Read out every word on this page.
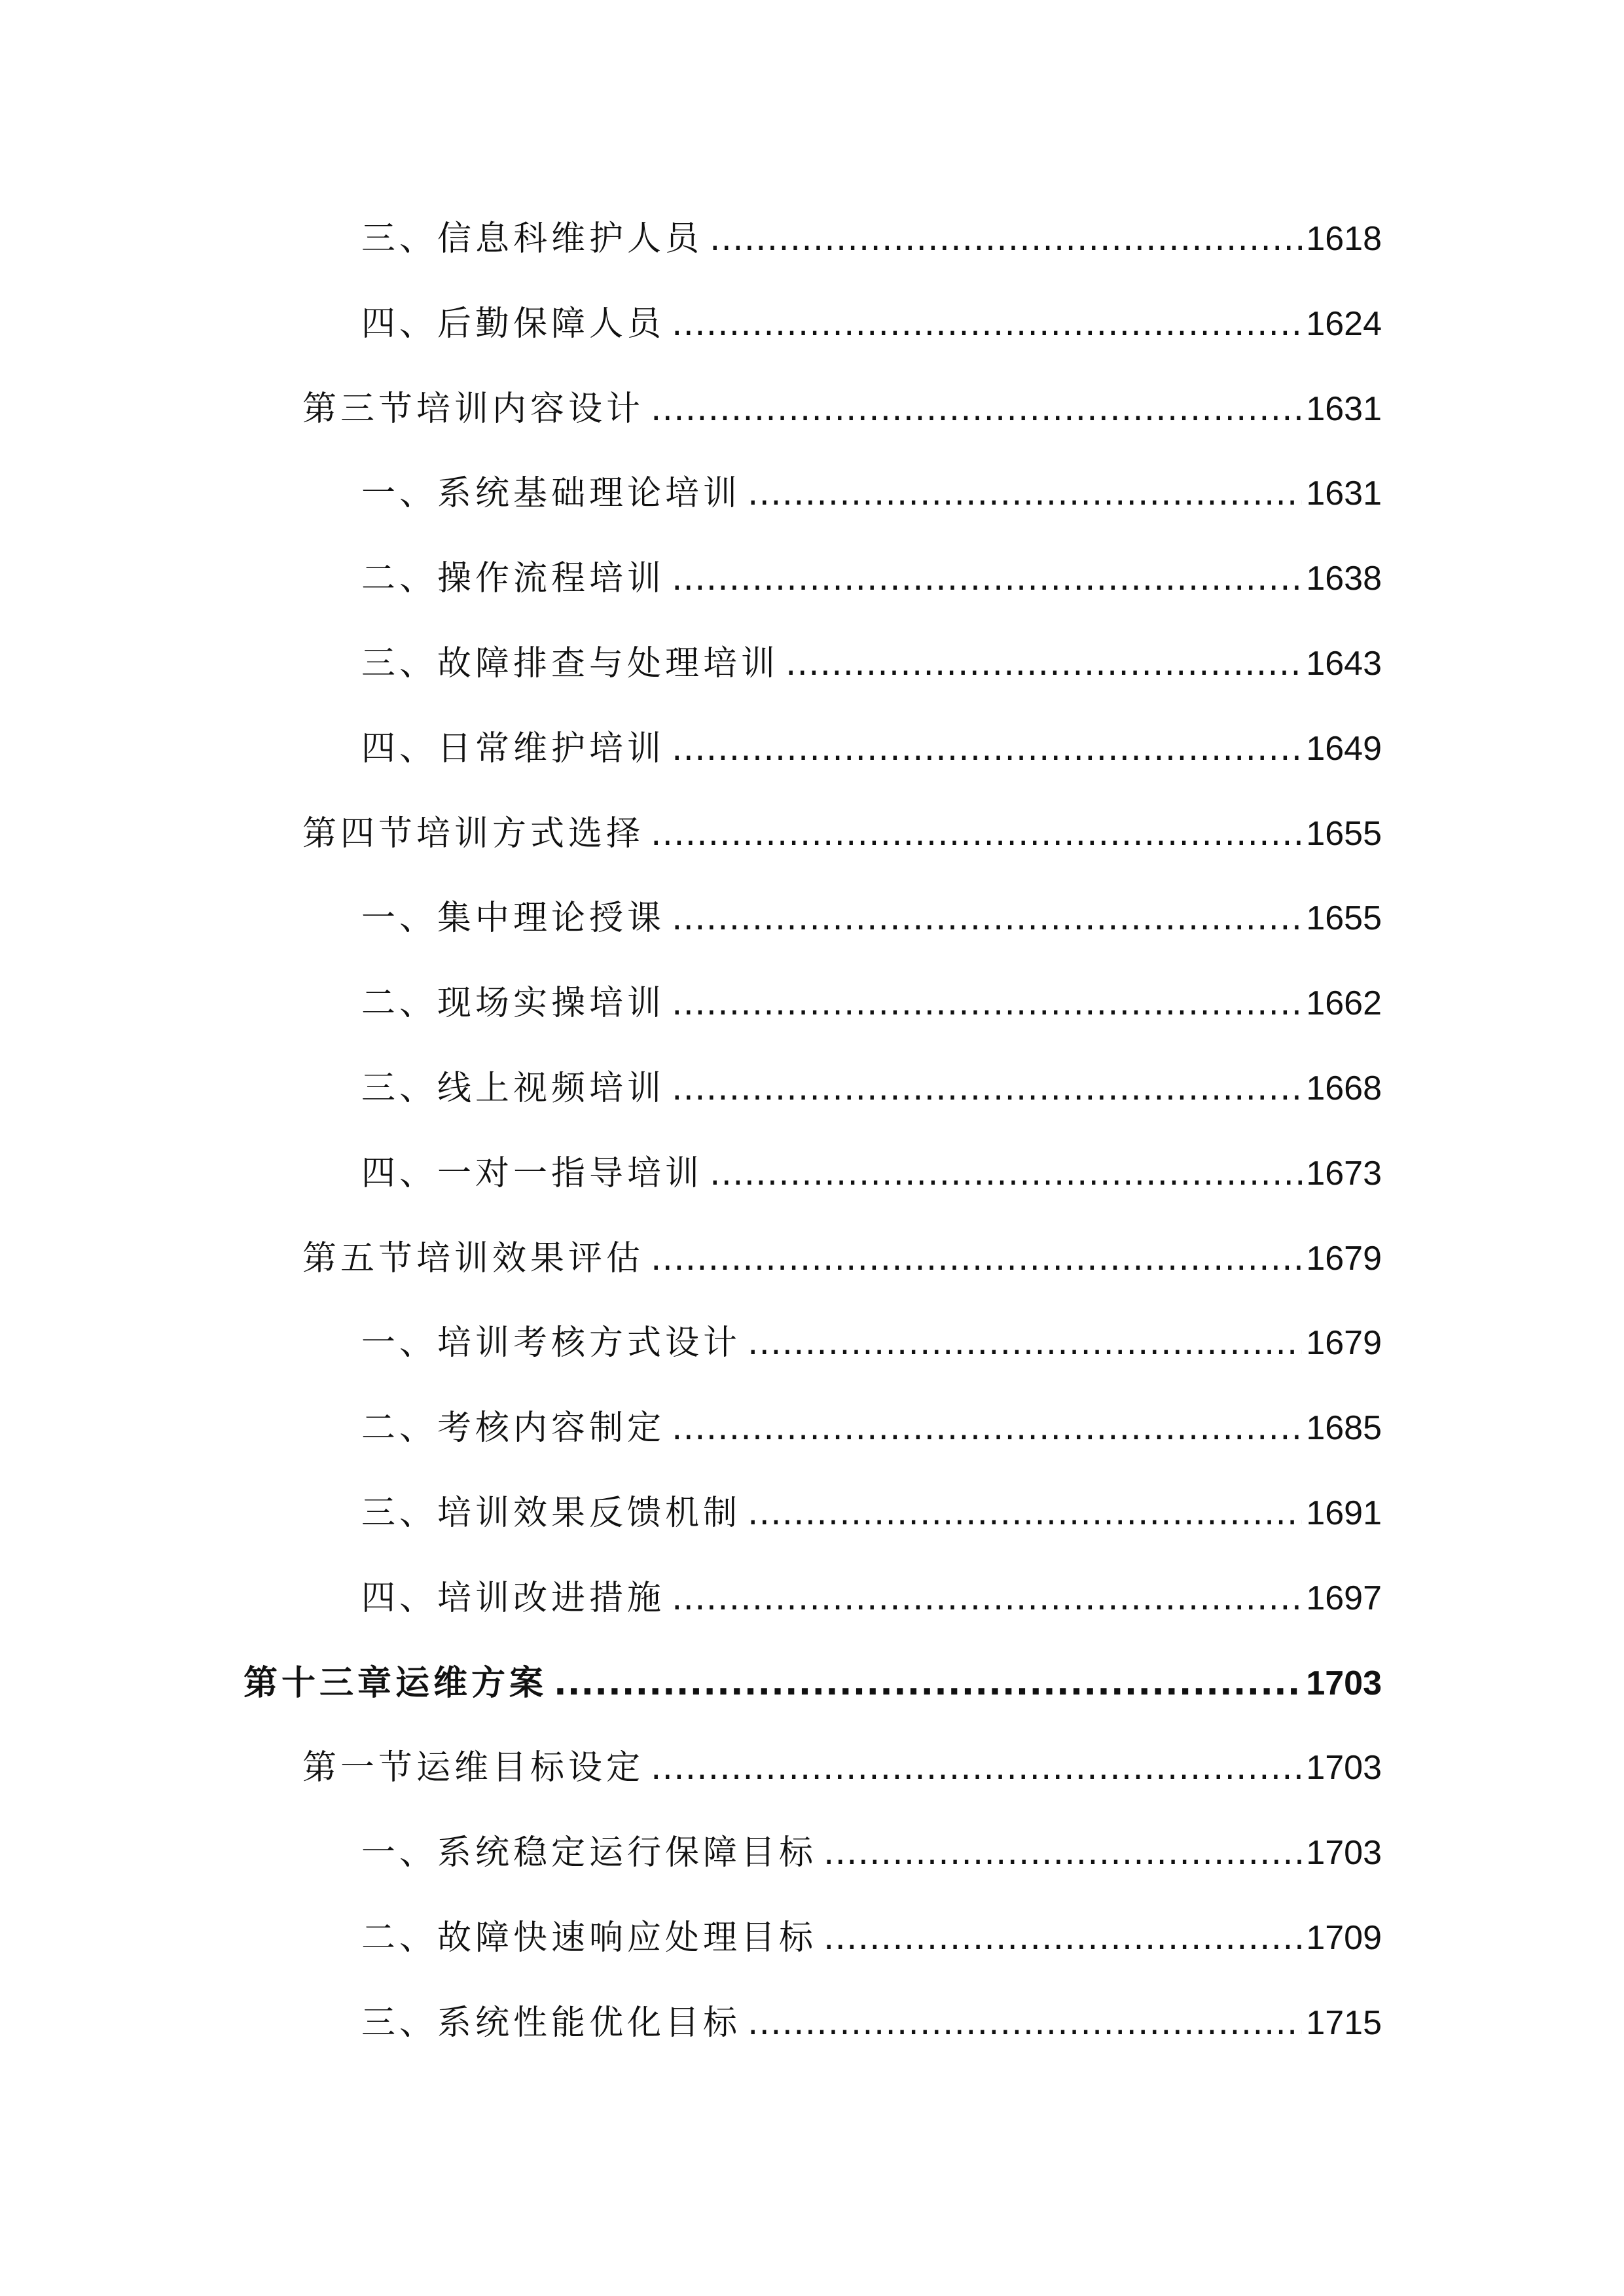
三、信息科维护人员 .....	1618
四、后勤保障人员 .....	1624
第三节培训内容设计 .....	1631
一、系统基础理论培训 .....	1631
二、操作流程培训 .....	1638
三、故障排查与处理培训 .....	1643
四、日常维护培训 .....	1649
第四节培训方式选择 .....	1655
一、集中理论授课 .....	1655
二、现场实操培训 .....	1662
三、线上视频培训 .....	1668
四、一对一指导培训 .....	1673
第五节培训效果评估 .....	1679
一、培训考核方式设计 .....	1679
二、考核内容制定 .....	1685
三、培训效果反馈机制 .....	1691
四、培训改进措施 .....	1697
第十三章运维方案 .....	1703
第一节运维目标设定 .....	1703
一、系统稳定运行保障目标 .....	1703
二、故障快速响应处理目标 .....	1709
三、系统性能优化目标 .....	1715
